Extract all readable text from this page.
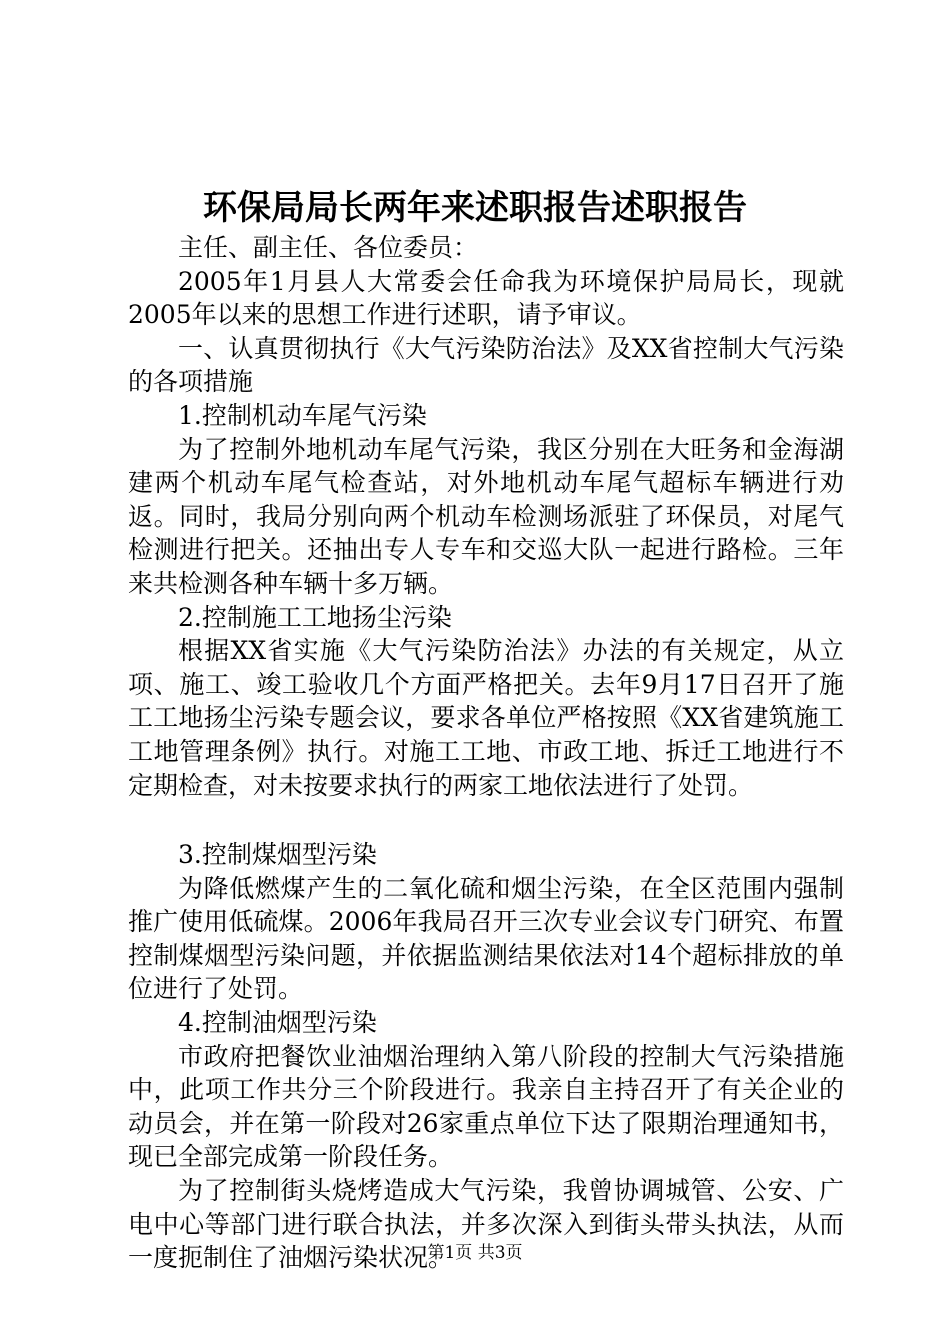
环保局局长两年来述职报告述职报告

主任、副主任、各位委员：

2005年1月县人大常委会任命我为环境保护局局长，现就2005年以来的思想工作进行述职，请予审议。

一、认真贯彻执行《大气污染防治法》及XX省控制大气污染的各项措施

1.控制机动车尾气污染

为了控制外地机动车尾气污染，我区分别在大旺务和金海湖建两个机动车尾气检查站，对外地机动车尾气超标车辆进行劝返。同时，我局分别向两个机动车检测场派驻了环保员，对尾气检测进行把关。还抽出专人专车和交巡大队一起进行路检。三年来共检测各种车辆十多万辆。

2.控制施工工地扬尘污染

根据XX省实施《大气污染防治法》办法的有关规定，从立项、施工、竣工验收几个方面严格把关。去年9月17日召开了施工工地扬尘污染专题会议，要求各单位严格按照《XX省建筑施工工地管理条例》执行。对施工工地、市政工地、拆迁工地进行不定期检查，对未按要求执行的两家工地依法进行了处罚。

3.控制煤烟型污染

为降低燃煤产生的二氧化硫和烟尘污染，在全区范围内强制推广使用低硫煤。2006年我局召开三次专业会议专门研究、布置控制煤烟型污染问题，并依据监测结果依法对14个超标排放的单位进行了处罚。

4.控制油烟型污染

市政府把餐饮业油烟治理纳入第八阶段的控制大气污染措施中，此项工作共分三个阶段进行。我亲自主持召开了有关企业的动员会，并在第一阶段对26家重点单位下达了限期治理通知书，现已全部完成第一阶段任务。

为了控制街头烧烤造成大气污染，我曾协调城管、公安、广电中心等部门进行联合执法，并多次深入到街头带头执法，从而一度扼制住了油烟污染状况。

第1页 共3页
